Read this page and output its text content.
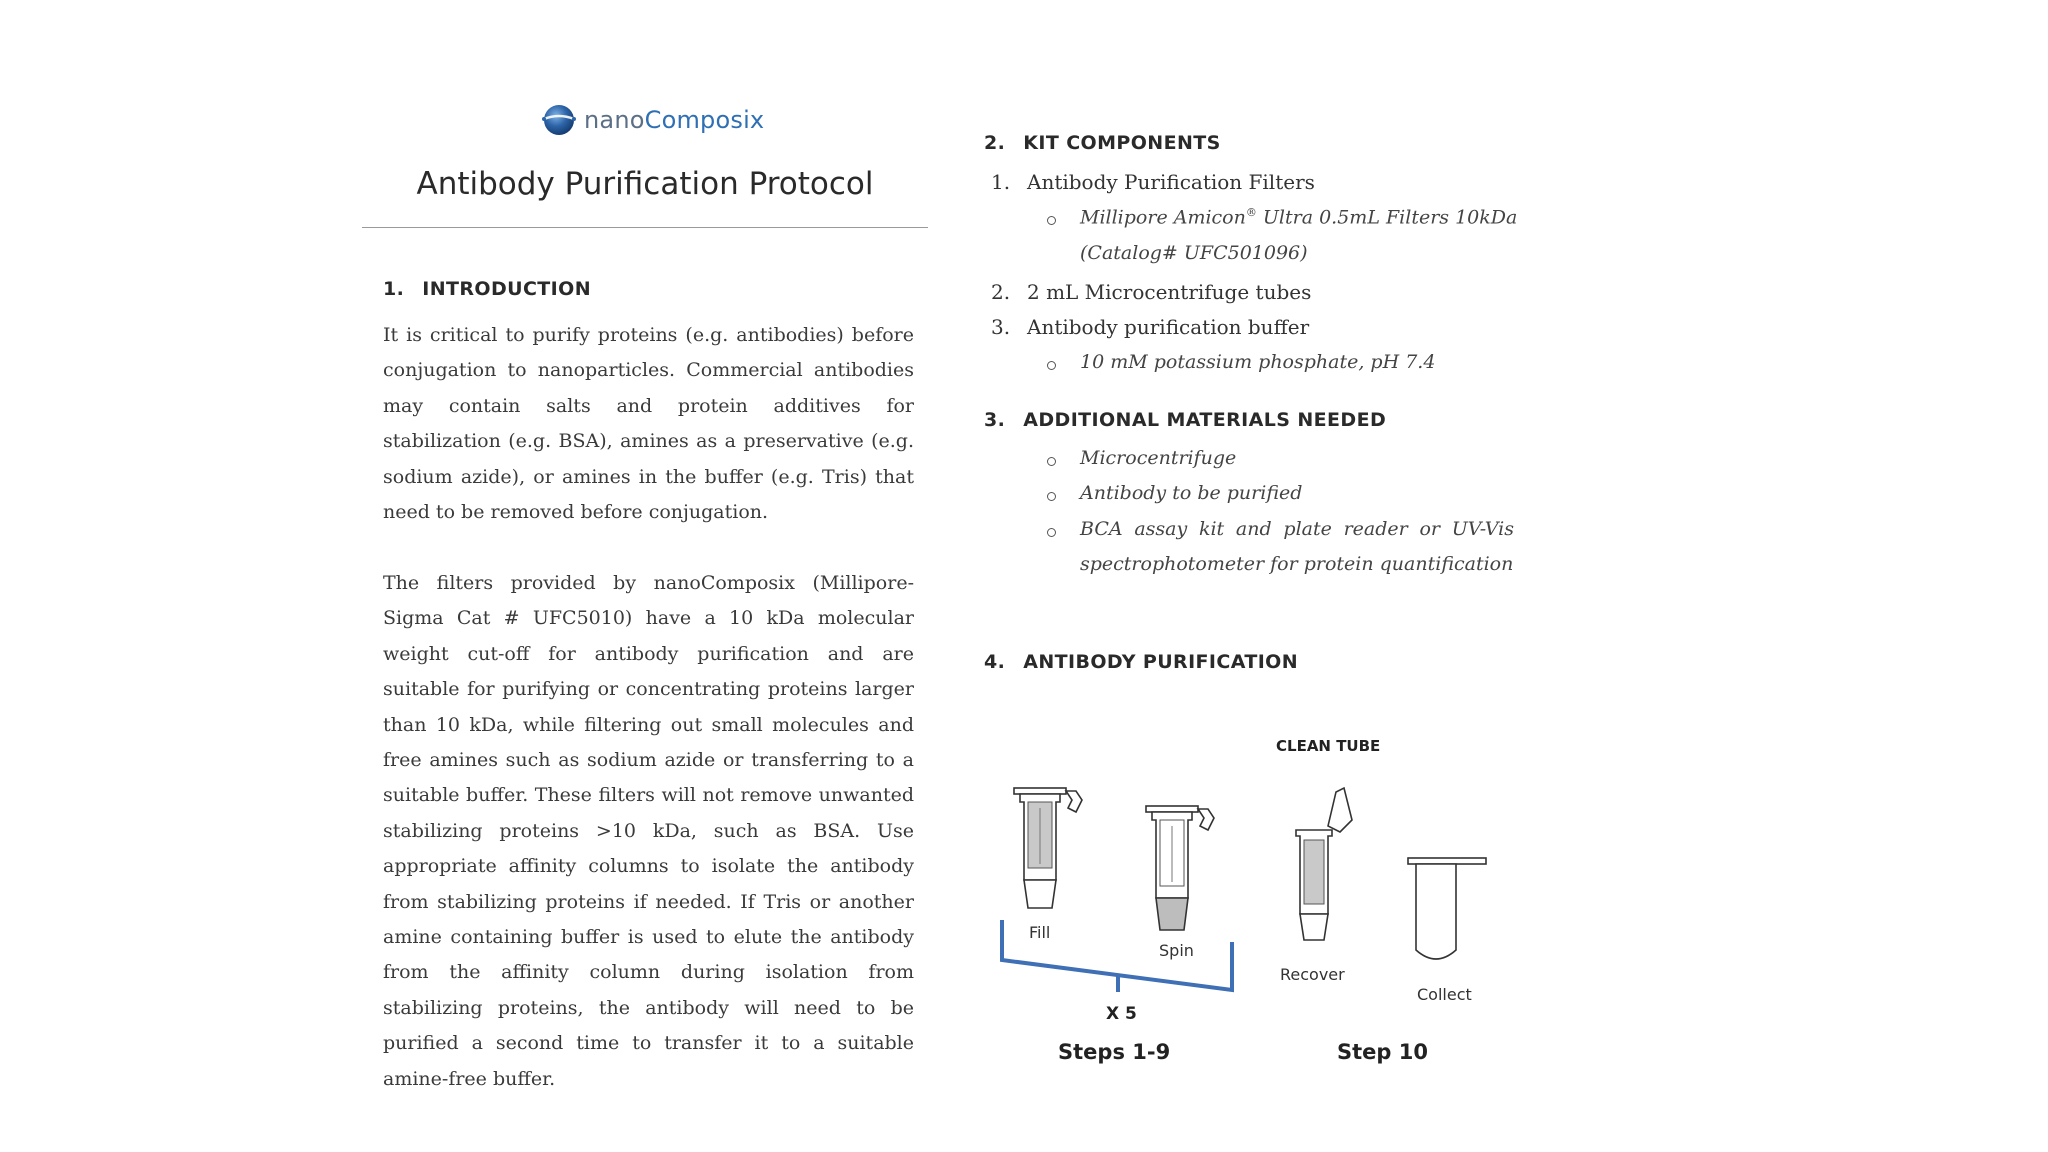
nanoComposix
Antibody Purification Protocol
1. INTRODUCTION
It is critical to purify proteins (e.g. antibodies) before conjugation to nanoparticles. Commercial antibodies may contain salts and protein additives for stabilization (e.g. BSA), amines as a preservative (e.g. sodium azide), or amines in the buffer (e.g. Tris) that need to be removed before conjugation.
The filters provided by nanoComposix (Millipore-Sigma Cat # UFC5010) have a 10 kDa molecular weight cut-off for antibody purification and are suitable for purifying or concentrating proteins larger than 10 kDa, while filtering out small molecules and free amines such as sodium azide or transferring to a suitable buffer. These filters will not remove unwanted stabilizing proteins >10 kDa, such as BSA. Use appropriate affinity columns to isolate the antibody from stabilizing proteins if needed. If Tris or another amine containing buffer is used to elute the antibody from the affinity column during isolation from stabilizing proteins, the antibody will need to be purified a second time to transfer it to a suitable amine-free buffer.
2. KIT COMPONENTS
1. Antibody Purification Filters
Millipore Amicon® Ultra 0.5mL Filters 10kDa
(Catalog# UFC501096)
2. 2 mL Microcentrifuge tubes
3. Antibody purification buffer
10 mM potassium phosphate, pH 7.4
3. ADDITIONAL MATERIALS NEEDED
Microcentrifuge
Antibody to be purified
BCA assay kit and plate reader or UV-Vis
spectrophotometer for protein quantification
4. ANTIBODY PURIFICATION
CLEAN TUBE
Fill
Spin
Recover
Collect
X 5
Steps 1-9	Step 10
